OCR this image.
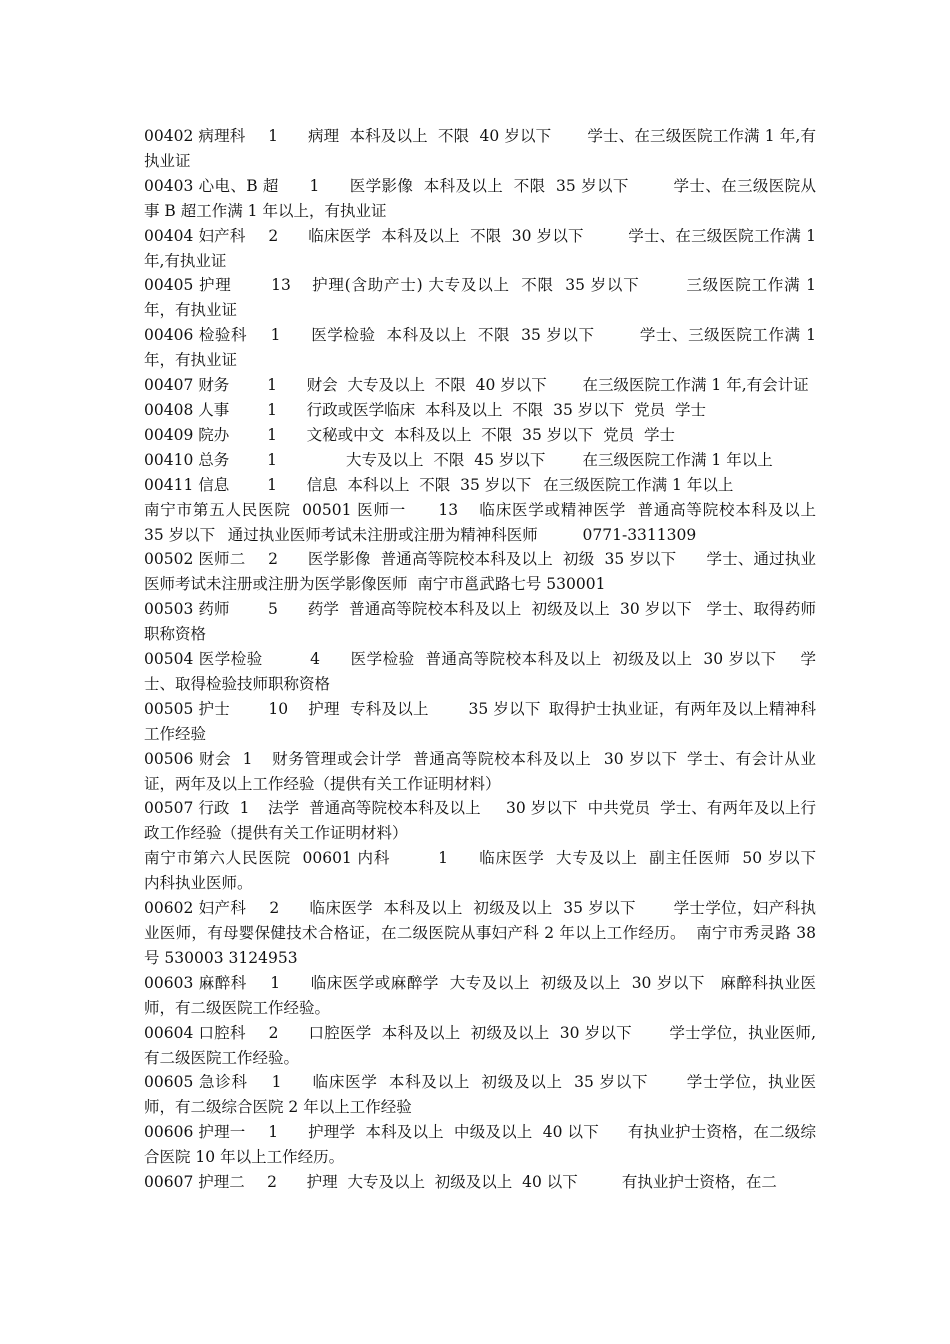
00402 病理科	1	病理  本科及以上  不限  40 岁以下	学士、在三级医院工作满 1 年,有执业证

00403 心电、B 超	1	医学影像  本科及以上  不限  35 岁以下	学士、在三级医院从事 B 超工作满 1 年以上，有执业证

00404 妇产科	2	临床医学  本科及以上  不限  30 岁以下	学士、在三级医院工作满 1 年,有执业证

00405 护理	13	护理(含助产士) 大专及以上  不限  35 岁以下	三级医院工作满 1 年，有执业证

00406 检验科	1	医学检验  本科及以上  不限  35 岁以下	学士、三级医院工作满 1 年，有执业证

00407 财务	1	财会  大专及以上  不限  40 岁以下	在三级医院工作满 1 年,有会计证

00408 人事	1	行政或医学临床  本科及以上  不限  35 岁以下  党员  学士

00409 院办	1	文秘或中文  本科及以上  不限  35 岁以下  党员  学士

00410 总务	1		大专及以上  不限  45 岁以下	在三级医院工作满 1 年以上

00411 信息	1	信息  本科以上  不限  35 岁以下	在三级医院工作满 1 年以上

南宁市第五人民医院  00501 医师一	13	临床医学或精神医学  普通高等院校本科及以上	35 岁以下	通过执业医师考试未注册或注册为精神科医师	0771-3311309

00502 医师二	2	医学影像  普通高等院校本科及以上  初级  35 岁以下	学士、通过执业医师考试未注册或注册为医学影像医师  南宁市邕武路七号 530001

00503 药师	5	药学  普通高等院校本科及以上  初级及以上  30 岁以下	学士、取得药师职称资格

00504 医学检验	4	医学检验  普通高等院校本科及以上  初级及以上  30 岁以下	学士、取得检验技师职称资格

00505 护士	10	护理  专科及以上	35 岁以下	取得护士执业证，有两年及以上精神科工作经验

00506 财会  1	财务管理或会计学  普通高等院校本科及以上	30 岁以下	学士、有会计从业证，两年及以上工作经验（提供有关工作证明材料）

00507 行政  1	法学  普通高等院校本科及以上	30 岁以下  中共党员  学士、有两年及以上行政工作经验（提供有关工作证明材料）

南宁市第六人民医院  00601 内科	1	临床医学  大专及以上  副主任医师  50 岁以下	内科执业医师。

00602 妇产科	2	临床医学  本科及以上  初级及以上  35 岁以下	学士学位，妇产科执业医师，有母婴保健技术合格证，在二级医院从事妇产科 2 年以上工作经历。  南宁市秀灵路 38 号 530003 3124953

00603 麻醉科	1	临床医学或麻醉学  大专及以上  初级及以上  30 岁以下	麻醉科执业医师，有二级医院工作经验。

00604 口腔科	2	口腔医学  本科及以上  初级及以上  30 岁以下	学士学位，执业医师,有二级医院工作经验。

00605 急诊科	1	临床医学  本科及以上  初级及以上  35 岁以下	学士学位，执业医师，有二级综合医院 2 年以上工作经验

00606 护理一	1	护理学  本科及以上  中级及以上  40 以下	有执业护士资格，在二级综合医院 10 年以上工作经历。

00607 护理二	2	护理  大专及以上  初级及以上  40 以下	有执业护士资格，在二
